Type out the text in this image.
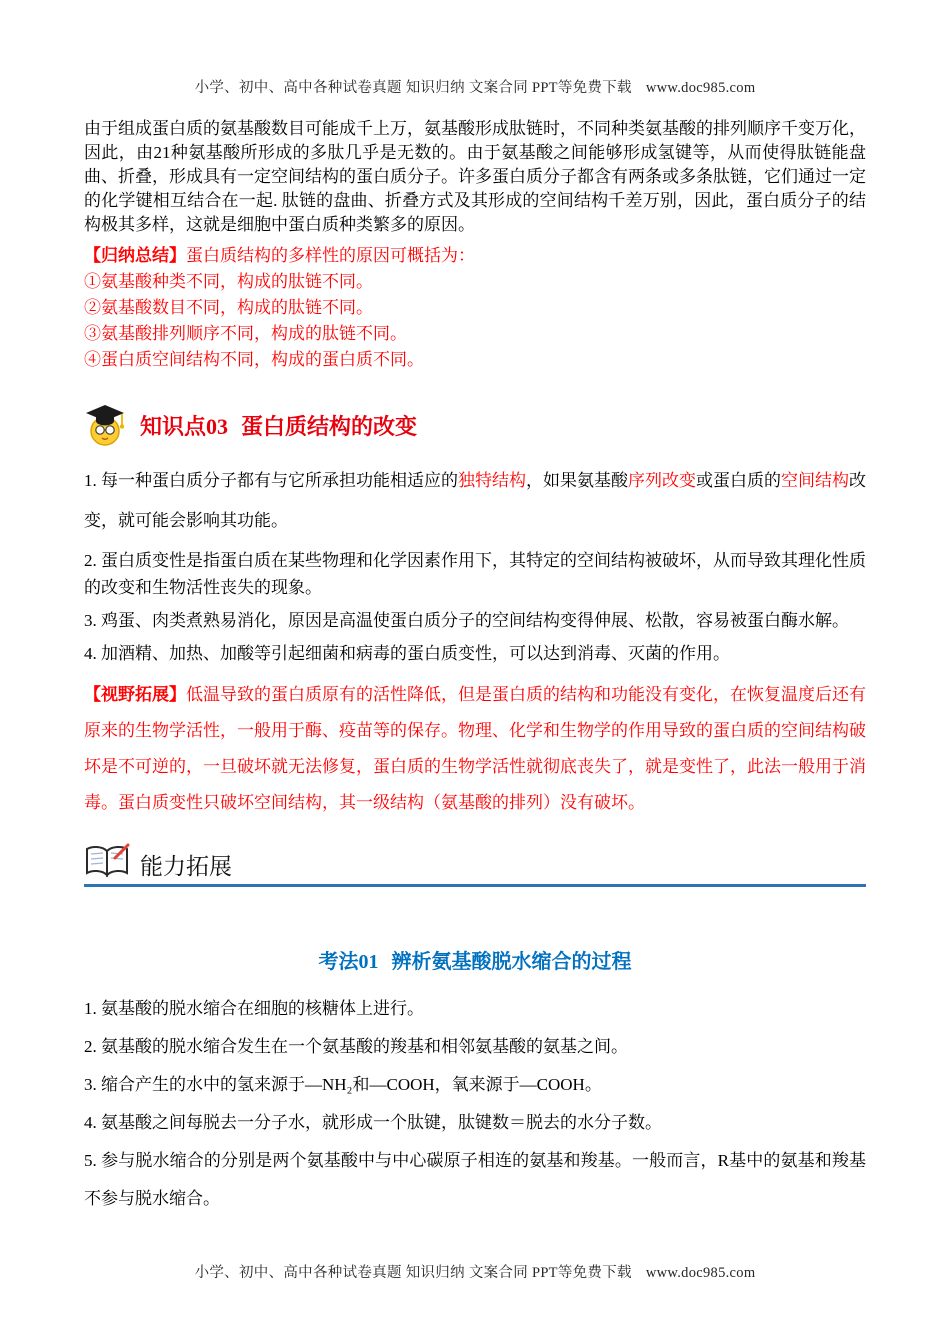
小学、初中、高中各种试卷真题 知识归纳 文案合同 PPT等免费下载 www.doc985.com

由于组成蛋白质的氨基酸数目可能成千上万，氨基酸形成肽链时，不同种类氨基酸的排列顺序千变万化，因此，由21种氨基酸所形成的多肽几乎是无数的。由于氨基酸之间能够形成氢键等，从而使得肽链能盘曲、折叠，形成具有一定空间结构的蛋白质分子。许多蛋白质分子都含有两条或多条肽链，它们通过一定的化学键相互结合在一起. 肽链的盘曲、折叠方式及其形成的空间结构千差万别，因此，蛋白质分子的结构极其多样，这就是细胞中蛋白质种类繁多的原因。

【归纳总结】蛋白质结构的多样性的原因可概括为：

①氨基酸种类不同，构成的肽链不同。

②氨基酸数目不同，构成的肽链不同。

③氨基酸排列顺序不同，构成的肽链不同。

④蛋白质空间结构不同，构成的蛋白质不同。

知识点03 蛋白质结构的改变

1. 每一种蛋白质分子都有与它所承担功能相适应的独特结构，如果氨基酸序列改变或蛋白质的空间结构改变，就可能会影响其功能。

2. 蛋白质变性是指蛋白质在某些物理和化学因素作用下，其特定的空间结构被破坏，从而导致其理化性质的改变和生物活性丧失的现象。

3. 鸡蛋、肉类煮熟易消化，原因是高温使蛋白质分子的空间结构变得伸展、松散，容易被蛋白酶水解。

4. 加酒精、加热、加酸等引起细菌和病毒的蛋白质变性，可以达到消毒、灭菌的作用。

【视野拓展】低温导致的蛋白质原有的活性降低，但是蛋白质的结构和功能没有变化，在恢复温度后还有原来的生物学活性，一般用于酶、疫苗等的保存。物理、化学和生物学的作用导致的蛋白质的空间结构破坏是不可逆的，一旦破坏就无法修复，蛋白质的生物学活性就彻底丧失了，就是变性了，此法一般用于消毒。蛋白质变性只破坏空间结构，其一级结构（氨基酸的排列）没有破坏。

能力拓展
考法01 辨析氨基酸脱水缩合的过程

1. 氨基酸的脱水缩合在细胞的核糖体上进行。

2. 氨基酸的脱水缩合发生在一个氨基酸的羧基和相邻氨基酸的氨基之间。

3. 缩合产生的水中的氢来源于—NH₂和—COOH，氧来源于—COOH。

4. 氨基酸之间每脱去一分子水，就形成一个肽键，肽键数＝脱去的水分子数。

5. 参与脱水缩合的分别是两个氨基酸中与中心碳原子相连的氨基和羧基。一般而言，R基中的氨基和羧基不参与脱水缩合。

小学、初中、高中各种试卷真题 知识归纳 文案合同 PPT等免费下载 www.doc985.com
